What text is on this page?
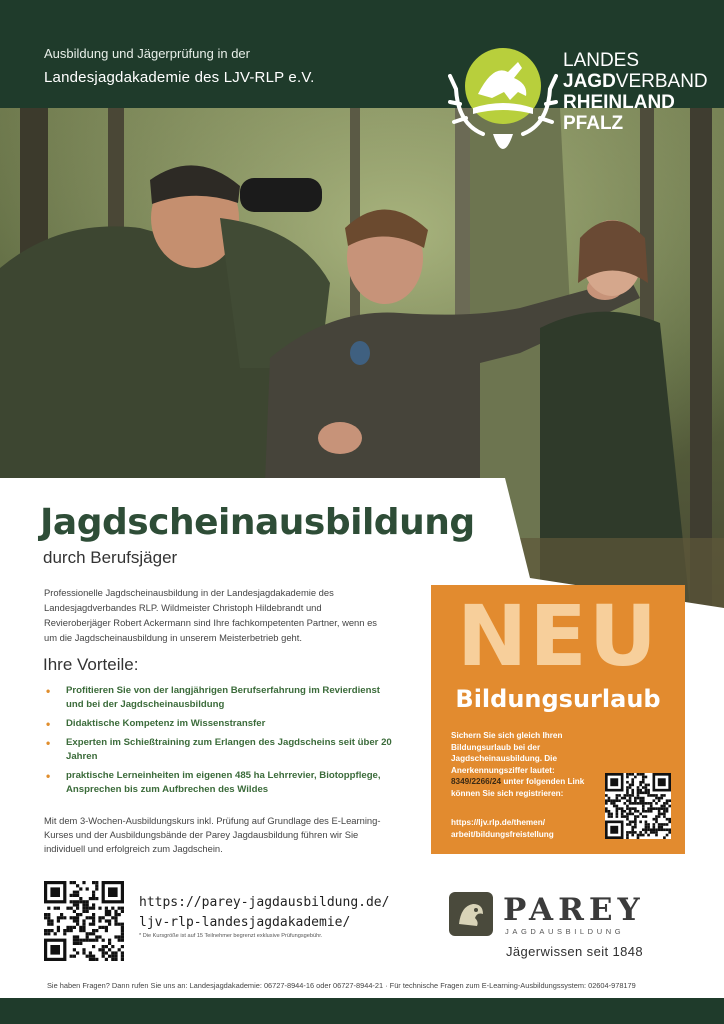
Ausbildung und Jägerprüfung in der
Landesjagdakademie des LJV-RLP e.V.
LANDES
JAGDVERBAND
RHEINLAND
PFALZ
Jagdscheinausbildung
durch Berufsjäger
Professionelle Jagdscheinausbildung in der Landesjagdakademie des Landesjagdverbandes RLP. Wildmeister Christoph Hildebrandt und Revieroberjäger Robert Ackermann sind Ihre fachkompetenten Partner, wenn es um die Jagdscheinausbildung in unserem Meisterbetrieb geht.
Ihre Vorteile:
• Profitieren Sie von der langjährigen Berufserfahrung im Revierdienst und bei der Jagdscheinausbildung
• Didaktische Kompetenz im Wissenstransfer
• Experten im Schießtraining zum Erlangen des Jagdscheins seit über 20 Jahren
• praktische Lerneinheiten im eigenen 485 ha Lehrrevier, Biotoppflege, Ansprechen bis zum Aufbrechen des Wildes
Mit dem 3-Wochen-Ausbildungskurs inkl. Prüfung auf Grundlage des E-Learning-Kurses und der Ausbildungsbände der Parey Jagdausbildung führen wir Sie individuell und erfolgreich zum Jagdschein.
https://parey-jagdausbildung.de/
ljv-rlp-landesjagdakademie/
* Die Kursgröße ist auf 15 Teilnehmer begrenzt exklusive Prüfungsgebühr.
NEU
Bildungsurlaub
Sichern Sie sich gleich Ihren Bildungsurlaub bei der Jagdscheinausbildung. Die Anerkennungsziffer lautet: 8349/2266/24 unter folgenden Link können Sie sich registrieren:
https://ljv.rlp.de/themen/
arbeit/bildungsfreistellung
PAREY
JAGDAUSBILDUNG
Jägerwissen seit 1848
Sie haben Fragen? Dann rufen Sie uns an: Landesjagdakademie: 06727-8944-16 oder 06727-8944-21 · Für technische Fragen zum E-Learning-Ausbildungssystem: 02604-978179
